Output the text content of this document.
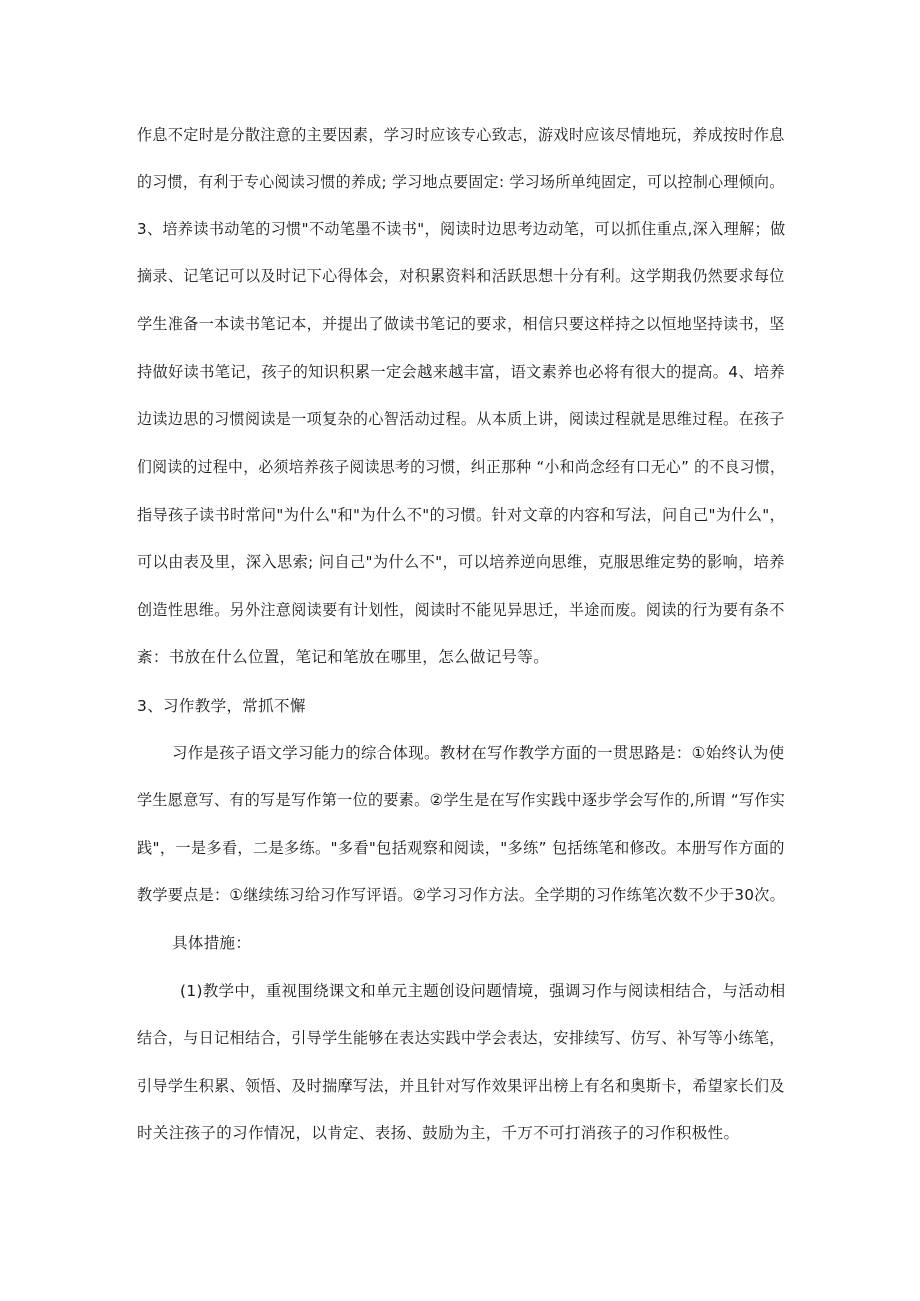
作息不定时是分散注意的主要因素，学习时应该专心致志，游戏时应该尽情地玩，养成按时作息
的习惯，有利于专心阅读习惯的养成; 学习地点要固定: 学习场所单纯固定，可以控制心理倾向。
3、培养读书动笔的习惯"不动笔墨不读书"，阅读时边思考边动笔，可以抓住重点,深入理解；做
摘录、记笔记可以及时记下心得体会，对积累资料和活跃思想十分有利。这学期我仍然要求每位
学生准备一本读书笔记本，并提出了做读书笔记的要求，相信只要这样持之以恒地坚持读书，坚
持做好读书笔记，孩子的知识积累一定会越来越丰富，语文素养也必将有很大的提高。4、培养
边读边思的习惯阅读是一项复杂的心智活动过程。从本质上讲，阅读过程就是思维过程。在孩子
们阅读的过程中，必须培养孩子阅读思考的习惯，纠正那种 “小和尚念经有口无心” 的不良习惯，
指导孩子读书时常问"为什么"和"为什么不"的习惯。针对文章的内容和写法，问自己"为什么"，
可以由表及里，深入思索; 问自己"为什么不"，可以培养逆向思维，克服思维定势的影响，培养
创造性思维。另外注意阅读要有计划性，阅读时不能见异思迁，半途而废。阅读的行为要有条不
紊：书放在什么位置，笔记和笔放在哪里，怎么做记号等。
3、习作教学，常抓不懈
习作是孩子语文学习能力的综合体现。教材在写作教学方面的一贯思路是：①始终认为使
学生愿意写、有的写是写作第一位的要素。②学生是在写作实践中逐步学会写作的,所谓 “写作实
践"，一是多看，二是多练。"多看"包括观察和阅读，"多练” 包括练笔和修改。本册写作方面的
教学要点是：①继续练习给习作写评语。②学习习作方法。全学期的习作练笔次数不少于30次。
具体措施：
(1)教学中，重视围绕课文和单元主题创设问题情境，强调习作与阅读相结合，与活动相
结合，与日记相结合，引导学生能够在表达实践中学会表达，安排续写、仿写、补写等小练笔，
引导学生积累、领悟、及时揣摩写法，并且针对写作效果评出榜上有名和奥斯卡，希望家长们及
时关注孩子的习作情况，以肯定、表扬、鼓励为主，千万不可打消孩子的习作积极性。
